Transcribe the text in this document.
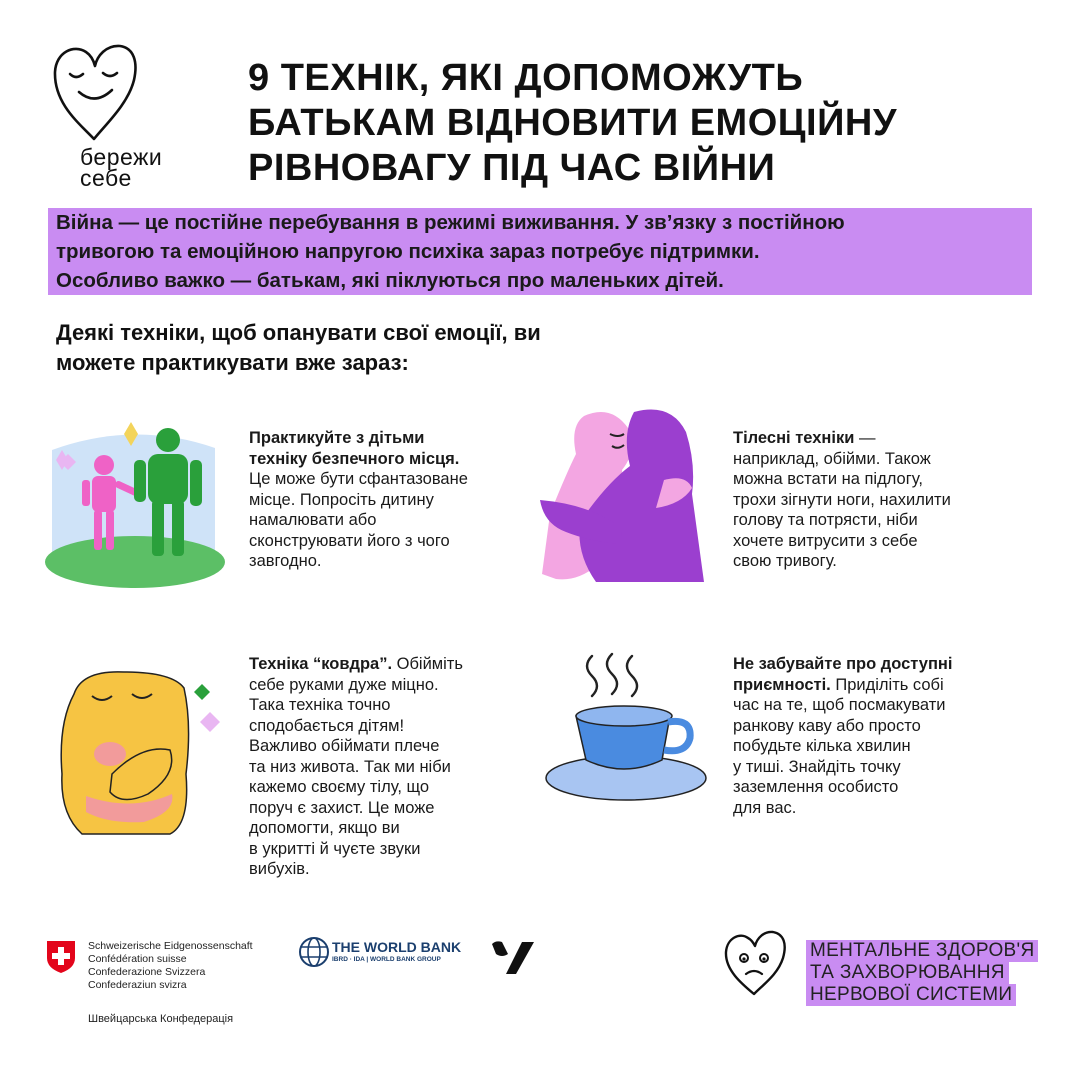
бережи
себе
9 ТЕХНІК, ЯКІ ДОПОМОЖУТЬ
БАТЬКАМ ВІДНОВИТИ ЕМОЦІЙНУ
РІВНОВАГУ ПІД ЧАС ВІЙНИ
Війна — це постійне перебування в режимі виживання. У зв’язку з постійною
тривогою та емоційною напругою психіка зараз потребує підтримки.
Особливо важко — батькам, які піклуються про маленьких дітей.
Деякі техніки, щоб опанувати свої емоції, ви
можете практикувати вже зараз:
Практикуйте з дітьми
техніку безпечного місця.
Це може бути сфантазоване
місце. Попросіть дитину
намалювати або
сконструювати його з чого
завгодно.
Тілесні техніки —
наприклад, обійми. Також
можна встати на підлогу,
трохи зігнути ноги, нахилити
голову та потрясти, ніби
хочете витрусити з себе
свою тривогу.
Техніка “ковдра”. Обійміть
себе руками дуже міцно.
Така техніка точно
сподобається дітям!
Важливо обіймати плече
та низ живота. Так ми ніби
кажемо своєму тілу, що
поруч є захист. Це може
допомогти, якщо ви
в укритті й чуєте звуки
вибухів.
Не забувайте про доступні
приємності. Приділіть собі
час на те, щоб посмакувати
ранкову каву або просто
побудьте кілька хвилин
у тиші. Знайдіть точку
заземлення особисто
для вас.
Schweizerische Eidgenossenschaft
Confédération suisse
Confederazione Svizzera
Confederaziun svizra
Швейцарська Конфедерація
THE WORLD BANK
IBRD · IDA | WORLD BANK GROUP	МЕНТАЛЬНЕ ЗДОРОВ'Я
ТА ЗАХВОРЮВАННЯ
НЕРВОВОЇ СИСТЕМИ
